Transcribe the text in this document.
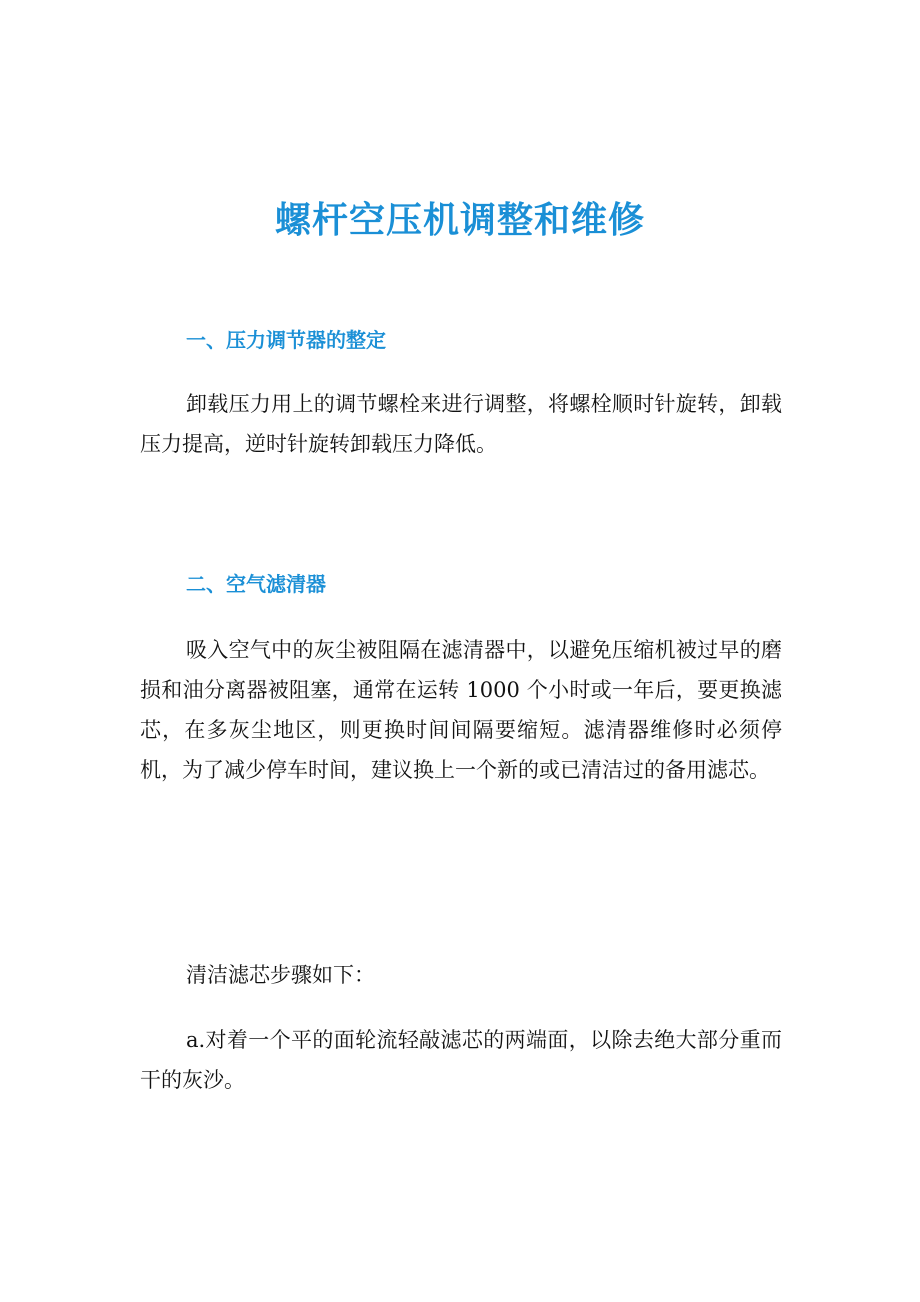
螺杆空压机调整和维修
一、压力调节器的整定
卸载压力用上的调节螺栓来进行调整，将螺栓顺时针旋转，卸载压力提高，逆时针旋转卸载压力降低。
二、空气滤清器
吸入空气中的灰尘被阻隔在滤清器中，以避免压缩机被过早的磨损和油分离器被阻塞，通常在运转 1000 个小时或一年后，要更换滤芯，在多灰尘地区，则更换时间间隔要缩短。滤清器维修时必须停机，为了减少停车时间，建议换上一个新的或已清洁过的备用滤芯。
清洁滤芯步骤如下：
a.对着一个平的面轮流轻敲滤芯的两端面，以除去绝大部分重而干的灰沙。
